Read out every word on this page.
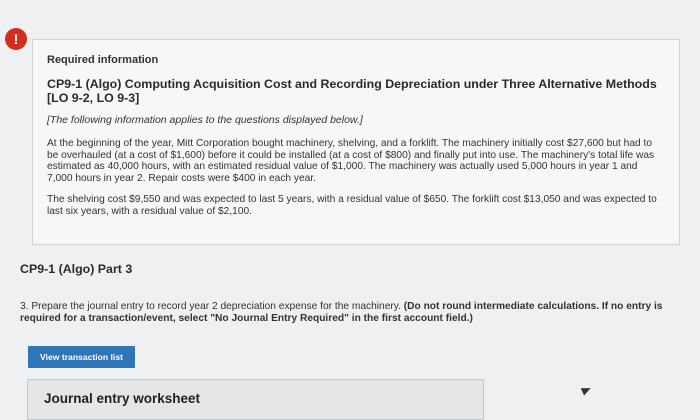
!
Required information
CP9-1 (Algo) Computing Acquisition Cost and Recording Depreciation under Three Alternative Methods [LO 9-2, LO 9-3]
[The following information applies to the questions displayed below.]
At the beginning of the year, Mitt Corporation bought machinery, shelving, and a forklift. The machinery initially cost $27,600 but had to be overhauled (at a cost of $1,600) before it could be installed (at a cost of $800) and finally put into use. The machinery's total life was estimated as 40,000 hours, with an estimated residual value of $1,000. The machinery was actually used 5,000 hours in year 1 and 7,000 hours in year 2. Repair costs were $400 in each year.
The shelving cost $9,550 and was expected to last 5 years, with a residual value of $650. The forklift cost $13,050 and was expected to last six years, with a residual value of $2,100.
CP9-1 (Algo) Part 3
3. Prepare the journal entry to record year 2 depreciation expense for the machinery. (Do not round intermediate calculations. If no entry is required for a transaction/event, select "No Journal Entry Required" in the first account field.)
View transaction list
Journal entry worksheet
